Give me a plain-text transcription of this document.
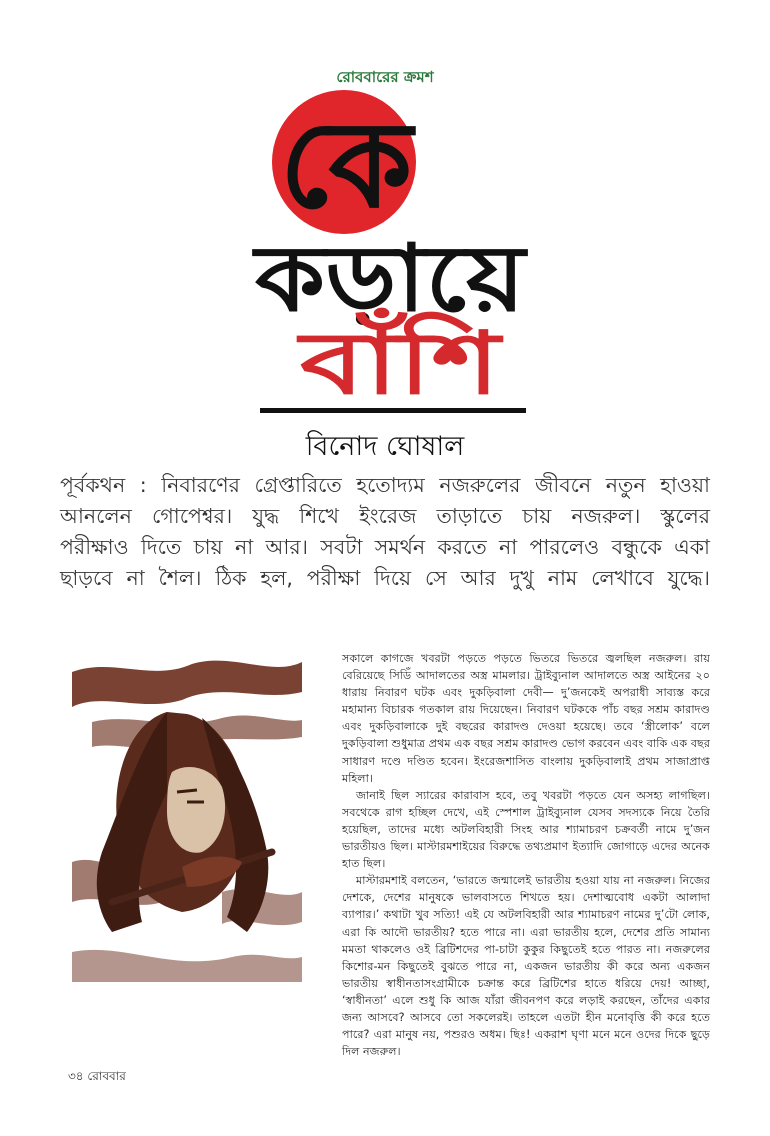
রোববারের ক্রমশ
কে
কড়ায়ে
বাঁশি
বিনোদ ঘোষাল
পূর্বকথন : নিবারণের গ্রেপ্তারিতে হতোদ্যম নজরুলের জীবনে নতুন হাওয়া
আনলেন গোপেশ্বর। যুদ্ধ শিখে ইংরেজ তাড়াতে চায় নজরুল। স্কুলের
পরীক্ষাও দিতে চায় না আর। সবটা সমর্থন করতে না পারলেও বন্ধুকে একা
ছাড়বে না শৈল। ঠিক হল, পরীক্ষা দিয়ে সে আর দুখু নাম লেখাবে যুদ্ধে।

সকালে কাগজে খবরটা পড়তে পড়তে ভিতরে ভিতরে জ্বলছিল নজরুল। রায় বেরিয়েছে সিডিঁ আদালতের অস্ত্র মামলার। ট্রাইব্যুনাল আদালতে অস্ত্র আইনের ২০ ধারায় নিবারণ ঘটক এবং দুকড়িবালা দেবী— দু’জনকেই অপরাধী সাব্যস্ত করে মহামান্য বিচারক গতকাল রায় দিয়েছেন। নিবারণ ঘটককে পাঁচ বছর সশ্রম কারাদণ্ড এবং দুকড়িবালাকে দুই বছরের কারাদণ্ড দেওয়া হয়েছে। তবে ‘স্ত্রীলোক’ বলে দুকড়িবালা শুধুমাত্র প্রথম এক বছর সশ্রম কারাদণ্ড ভোগ করবেন এবং বাকি এক বছর সাধারণ দণ্ডে দণ্ডিত হবেন। ইংরেজশাসিত বাংলায় দুকড়িবালাই প্রথম সাজাপ্রাপ্ত মহিলা।

জানাই ছিল স্যারের কারাবাস হবে, তবু খবরটা পড়তে যেন অসহ্য লাগছিল। সবথেকে রাগ হচ্ছিল দেখে, এই স্পেশাল ট্রাইব্যুনাল যেসব সদস্যকে নিয়ে তৈরি হয়েছিল, তাদের মধ্যে অটলবিহারী সিংহ আর শ্যামাচরণ চক্রবর্তী নামে দু’জন ভারতীয়ও ছিল। মাস্টারমশাইয়ের বিরুদ্ধে তথ্যপ্রমাণ ইত্যাদি জোগাড়ে এদের অনেক হাত ছিল।

মাস্টারমশাই বলতেন, ‘ভারতে জন্মালেই ভারতীয় হওয়া যায় না নজরুল। নিজের দেশকে, দেশের মানুষকে ভালবাসতে শিখতে হয়। দেশাত্মবোধ একটা আলাদা ব্যাপার।’ কথাটা খুব সত্যি! এই যে অটলবিহারী আর শ্যামাচরণ নামের দু’টো লোক, এরা কি আদৌ ভারতীয়? হতে পারে না। এরা ভারতীয় হলে, দেশের প্রতি সামান্য মমতা থাকলেও ওই ব্রিটিশদের পা-চাটা কুকুর কিছুতেই হতে পারত না। নজরুলের কিশোর-মন কিছুতেই বুঝতে পারে না, একজন ভারতীয় কী করে অন্য একজন ভারতীয় স্বাধীনতাসংগ্রামীকে চক্রান্ত করে ব্রিটিশের হাতে ধরিয়ে দেয়! আচ্ছা, ‘স্বাধীনতা’ এলে শুধু কি আজ যাঁরা জীবনপণ করে লড়াই করছেন, তাঁদের একার জন্য আসবে? আসবে তো সকলেরই। তাহলে এতটা হীন মনোবৃত্তি কী করে হতে পারে? এরা মানুষ নয়, পশুরও অধম। ছিঃ! একরাশ ঘৃণা মনে মনে ওদের দিকে ছুড়ে দিল নজরুল।

৩৪ রোববার
